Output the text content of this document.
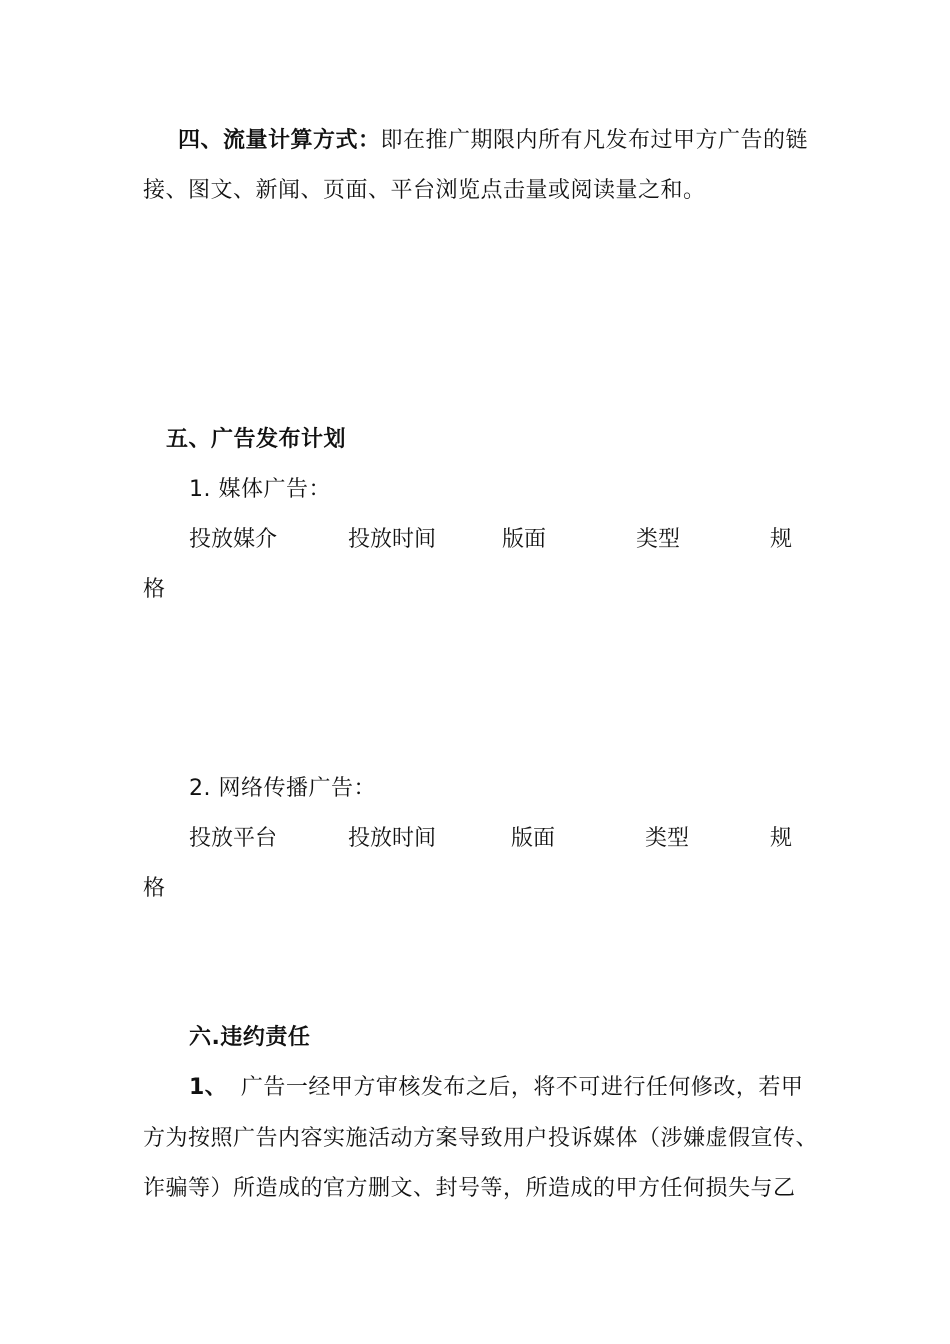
四、流量计算方式：即在推广期限内所有凡发布过甲方广告的链
接、图文、新闻、页面、平台浏览点击量或阅读量之和。
五、广告发布计划
1. 媒体广告：
投放媒介	投放时间	版面	类型	规
格
2. 网络传播广告：
投放平台	投放时间	版面	类型	规
格
六.违约责任
1、 广告一经甲方审核发布之后，将不可进行任何修改，若甲
方为按照广告内容实施活动方案导致用户投诉媒体（涉嫌虚假宣传、
诈骗等）所造成的官方删文、封号等，所造成的甲方任何损失与乙
